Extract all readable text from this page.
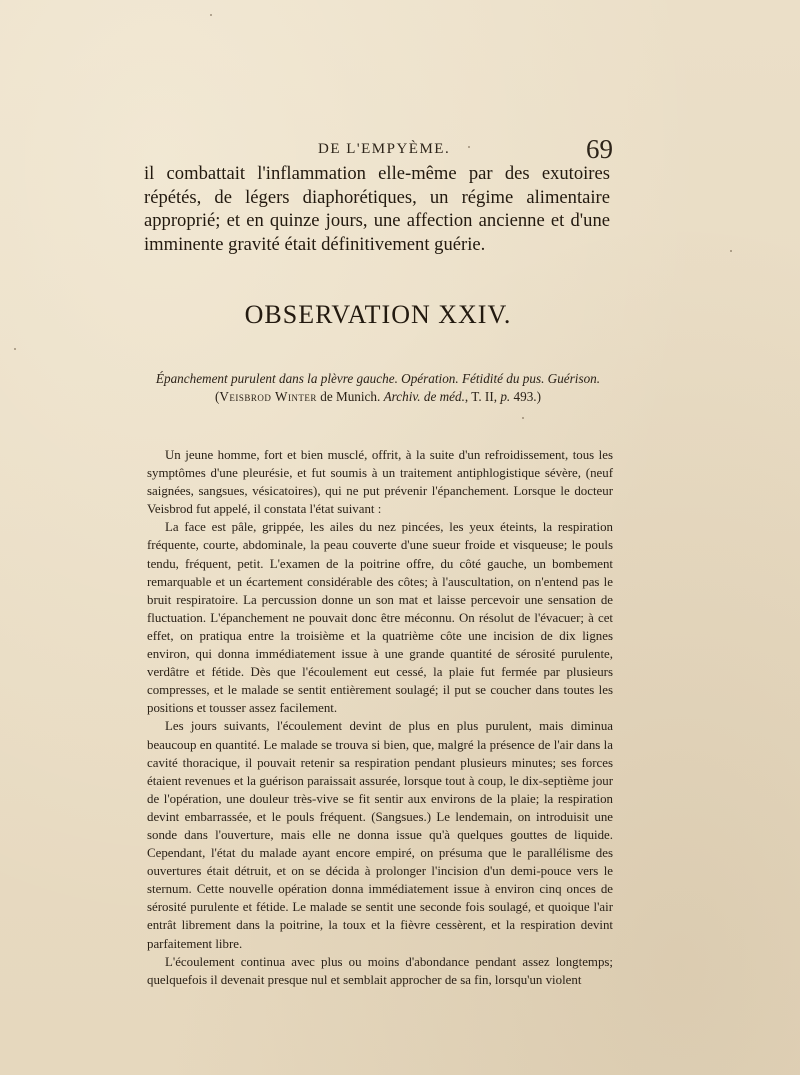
DE L'EMPYÈME.	69

il combattait l'inflammation elle-même par des exutoires répétés, de légers diaphorétiques, un régime alimentaire approprié; et en quinze jours, une affection ancienne et d'une imminente gravité était définitivement guérie.

OBSERVATION XXIV.

Épanchement purulent dans la plèvre gauche. Opération. Fétidité du pus. Guérison.

(Veisbrod Winter de Munich. Archiv. de méd., T. II, p. 493.)

Un jeune homme, fort et bien musclé, offrit, à la suite d'un refroidissement, tous les symptômes d'une pleurésie, et fut soumis à un traitement antiphlogistique sévère, (neuf saignées, sangsues, vésicatoires), qui ne put prévenir l'épanchement. Lorsque le docteur Veisbrod fut appelé, il constata l'état suivant :

La face est pâle, grippée, les ailes du nez pincées, les yeux éteints, la respiration fréquente, courte, abdominale, la peau couverte d'une sueur froide et visqueuse; le pouls tendu, fréquent, petit. L'examen de la poitrine offre, du côté gauche, un bombement remarquable et un écartement considérable des côtes; à l'auscultation, on n'entend pas le bruit respiratoire. La percussion donne un son mat et laisse percevoir une sensation de fluctuation. L'épanchement ne pouvait donc être méconnu. On résolut de l'évacuer; à cet effet, on pratiqua entre la troisième et la quatrième côte une incision de dix lignes environ, qui donna immédiatement issue à une grande quantité de sérosité purulente, verdâtre et fétide. Dès que l'écoulement eut cessé, la plaie fut fermée par plusieurs compresses, et le malade se sentit entièrement soulagé; il put se coucher dans toutes les positions et tousser assez facilement.

Les jours suivants, l'écoulement devint de plus en plus purulent, mais diminua beaucoup en quantité. Le malade se trouva si bien, que, malgré la présence de l'air dans la cavité thoracique, il pouvait retenir sa respiration pendant plusieurs minutes; ses forces étaient revenues et la guérison paraissait assurée, lorsque tout à coup, le dix-septième jour de l'opération, une douleur très-vive se fit sentir aux environs de la plaie; la respiration devint embarrassée, et le pouls fréquent. (Sangsues.) Le lendemain, on introduisit une sonde dans l'ouverture, mais elle ne donna issue qu'à quelques gouttes de liquide. Cependant, l'état du malade ayant encore empiré, on présuma que le parallélisme des ouvertures était détruit, et on se décida à prolonger l'incision d'un demi-pouce vers le sternum. Cette nouvelle opération donna immédiatement issue à environ cinq onces de sérosité purulente et fétide. Le malade se sentit une seconde fois soulagé, et quoique l'air entrât librement dans la poitrine, la toux et la fièvre cessèrent, et la respiration devint parfaitement libre.

L'écoulement continua avec plus ou moins d'abondance pendant assez longtemps; quelquefois il devenait presque nul et semblait approcher de sa fin, lorsqu'un violent
